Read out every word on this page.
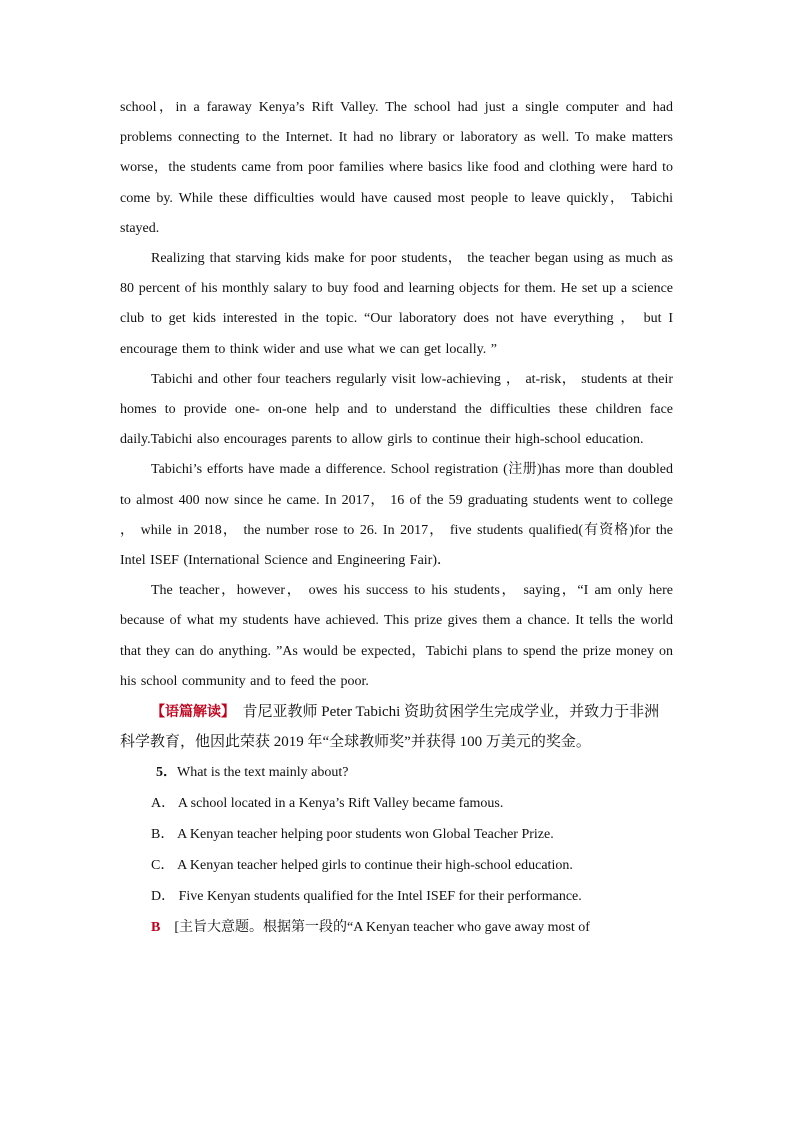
school，in a faraway Kenya’s Rift Valley. The school had just a single computer and had problems connecting to the Internet. It had no library or laboratory as well. To make matters worse，the students came from poor families where basics like food and clothing were hard to come by. While these difficulties would have caused most people to leave quickly， Tabichi stayed.

Realizing that starving kids make for poor students， the teacher began using as much as 80 percent of his monthly salary to buy food and learning objects for them. He set up a science club to get kids interested in the topic. “Our laboratory does not have everything ， but I encourage them to think wider and use what we can get locally. ”

Tabichi and other four teachers regularly visit low-achieving ， at-risk， students at their homes to provide one- on-one help and to understand the difficulties these children face daily.Tabichi also encourages parents to allow girls to continue their high-school education.

Tabichi’s efforts have made a difference. School registration (注册)has more than doubled to almost 400 now since he came. In 2017， 16 of the 59 graduating students went to college ， while in 2018， the number rose to 26. In 2017， five students qualified(有资格)for the Intel ISEF (International Science and Engineering Fair)．

The teacher，however， owes his success to his students， saying，“I am only here because of what my students have achieved. This prize gives them a chance. It tells the world that they can do anything. ”As would be expected，Tabichi plans to spend the prize money on his school community and to feed the poor.

【语篇解读】 肯尼亚教师 Peter Tabichi 资助贫困学生完成学业，并致力于非洲科学教育，他因此荣获 2019 年“全球教师奖”并获得 100 万美元的奖金。

5．What is the text mainly about?

A． A school located in a Kenya’s Rift Valley became famous.

B． A Kenyan teacher helping poor students won Global Teacher Prize.

C． A Kenyan teacher helped girls to continue their high-school education.

D． Five Kenyan students qualified for the Intel ISEF for their performance.

B [主旨大意题。根据第一段的“A Kenyan teacher who gave away most of
